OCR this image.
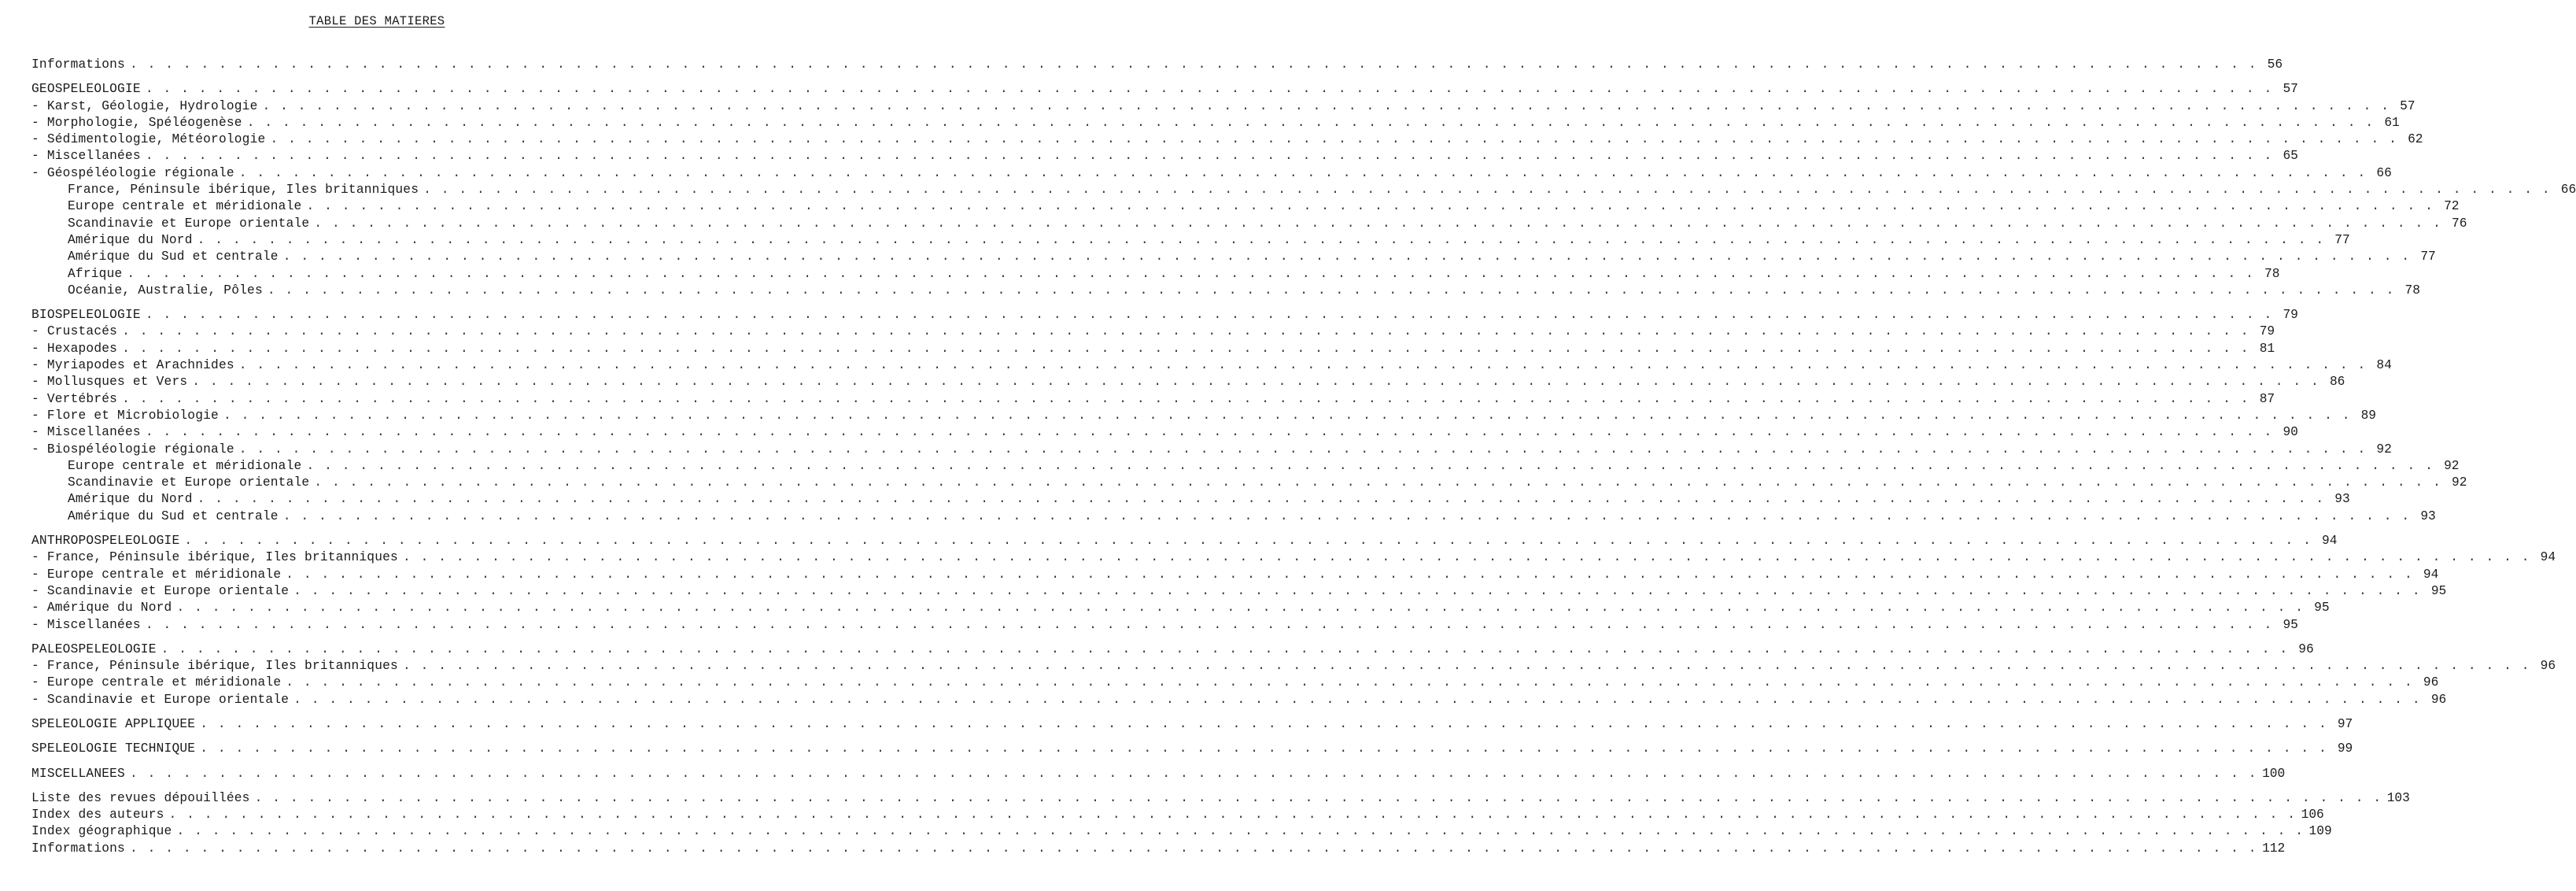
TABLE DES MATIERES
Informations . . . . . . . . . . . . . . . . . . . . . . . . . . . . . . . . . . . . . . . . . . . . . . . . . . . . . . . . . . . . . . . . . . . . . . . . . . . . . . . . . . . . . . . . . . . . . . . . . . . . . . . . . . . . . . . . . . . . . . . . 56
GEOSPELEOLOGIE . . . . . . . . . . . . . . . . . . . . . . . . . . . . . . . . . . . . . . . . . . . . . . . . . . . . . . . . . . . . . . . . . . . . . . . . . . . . . . . . . . . . . . . . . . . . . . . . . . . . . . . . . . . . . . . . . . . . . . . . 57
- Karst, Géologie, Hydrologie . . . . . . . . . . . . . . . . . . . . . . . . . . . . . . . . . . . . . . . . . . . . . . . . . . . . . . . . . . . . . . . . . . . . . . . . . . . . . . . . . . . . . . . . . . . . . . . . . . . . . . . . . . . . . . . . . . . . . . . . 57
- Morphologie, Spéléogenèse . . . . . . . . . . . . . . . . . . . . . . . . . . . . . . . . . . . . . . . . . . . . . . . . . . . . . . . . . . . . . . . . . . . . . . . . . . . . . . . . . . . . . . . . . . . . . . . . . . . . . . . . . . . . . . . . . . . . . . . . 61
- Sédimentologie, Météorologie . . . . . . . . . . . . . . . . . . . . . . . . . . . . . . . . . . . . . . . . . . . . . . . . . . . . . . . . . . . . . . . . . . . . . . . . . . . . . . . . . . . . . . . . . . . . . . . . . . . . . . . . . . . . . . . . . . . . . . . . 62
- Miscellanées . . . . . . . . . . . . . . . . . . . . . . . . . . . . . . . . . . . . . . . . . . . . . . . . . . . . . . . . . . . . . . . . . . . . . . . . . . . . . . . . . . . . . . . . . . . . . . . . . . . . . . . . . . . . . . . . . . . . . . . . 65
- Géospéléologie régionale . . . . . . . . . . . . . . . . . . . . . . . . . . . . . . . . . . . . . . . . . . . . . . . . . . . . . . . . . . . . . . . . . . . . . . . . . . . . . . . . . . . . . . . . . . . . . . . . . . . . . . . . . . . . . . . . . . . . . . . . 66
France, Péninsule ibérique, Iles britanniques . . . . . . . . . . . . . . . . . . . . . . . . . . . . . . . . . . . . . . . . . . . . . . . . . . . . . . . . . . . . . . . . . . . . . . . . . . . . . . . . . . . . . . . . . . . . . . . . . . . . . . . . . . . . . . . . . . . . . . . . 66
Europe centrale et méridionale . . . . . . . . . . . . . . . . . . . . . . . . . . . . . . . . . . . . . . . . . . . . . . . . . . . . . . . . . . . . . . . . . . . . . . . . . . . . . . . . . . . . . . . . . . . . . . . . . . . . . . . . . . . . . . . . . . . . . . . . 72
Scandinavie et Europe orientale . . . . . . . . . . . . . . . . . . . . . . . . . . . . . . . . . . . . . . . . . . . . . . . . . . . . . . . . . . . . . . . . . . . . . . . . . . . . . . . . . . . . . . . . . . . . . . . . . . . . . . . . . . . . . . . . . . . . . . . . 76
Amérique du Nord . . . . . . . . . . . . . . . . . . . . . . . . . . . . . . . . . . . . . . . . . . . . . . . . . . . . . . . . . . . . . . . . . . . . . . . . . . . . . . . . . . . . . . . . . . . . . . . . . . . . . . . . . . . . . . . . . . . . . . . . 77
Amérique du Sud et centrale . . . . . . . . . . . . . . . . . . . . . . . . . . . . . . . . . . . . . . . . . . . . . . . . . . . . . . . . . . . . . . . . . . . . . . . . . . . . . . . . . . . . . . . . . . . . . . . . . . . . . . . . . . . . . . . . . . . . . . . . 77
Afrique . . . . . . . . . . . . . . . . . . . . . . . . . . . . . . . . . . . . . . . . . . . . . . . . . . . . . . . . . . . . . . . . . . . . . . . . . . . . . . . . . . . . . . . . . . . . . . . . . . . . . . . . . . . . . . . . . . . . . . . . 78
Océanie, Australie, Pôles . . . . . . . . . . . . . . . . . . . . . . . . . . . . . . . . . . . . . . . . . . . . . . . . . . . . . . . . . . . . . . . . . . . . . . . . . . . . . . . . . . . . . . . . . . . . . . . . . . . . . . . . . . . . . . . . . . . . . . . . 78
BIOSPELEOLOGIE . . . . . . . . . . . . . . . . . . . . . . . . . . . . . . . . . . . . . . . . . . . . . . . . . . . . . . . . . . . . . . . . . . . . . . . . . . . . . . . . . . . . . . . . . . . . . . . . . . . . . . . . . . . . . . . . . . . . . . . . 79
- Crustacés . . . . . . . . . . . . . . . . . . . . . . . . . . . . . . . . . . . . . . . . . . . . . . . . . . . . . . . . . . . . . . . . . . . . . . . . . . . . . . . . . . . . . . . . . . . . . . . . . . . . . . . . . . . . . . . . . . . . . . . . 79
- Hexapodes . . . . . . . . . . . . . . . . . . . . . . . . . . . . . . . . . . . . . . . . . . . . . . . . . . . . . . . . . . . . . . . . . . . . . . . . . . . . . . . . . . . . . . . . . . . . . . . . . . . . . . . . . . . . . . . . . . . . . . . . 81
- Myriapodes et Arachnides . . . . . . . . . . . . . . . . . . . . . . . . . . . . . . . . . . . . . . . . . . . . . . . . . . . . . . . . . . . . . . . . . . . . . . . . . . . . . . . . . . . . . . . . . . . . . . . . . . . . . . . . . . . . . . . . . . . . . . . . 84
- Mollusques et Vers . . . . . . . . . . . . . . . . . . . . . . . . . . . . . . . . . . . . . . . . . . . . . . . . . . . . . . . . . . . . . . . . . . . . . . . . . . . . . . . . . . . . . . . . . . . . . . . . . . . . . . . . . . . . . . . . . . . . . . . . 86
- Vertébrés . . . . . . . . . . . . . . . . . . . . . . . . . . . . . . . . . . . . . . . . . . . . . . . . . . . . . . . . . . . . . . . . . . . . . . . . . . . . . . . . . . . . . . . . . . . . . . . . . . . . . . . . . . . . . . . . . . . . . . . . 87
- Flore et Microbiologie . . . . . . . . . . . . . . . . . . . . . . . . . . . . . . . . . . . . . . . . . . . . . . . . . . . . . . . . . . . . . . . . . . . . . . . . . . . . . . . . . . . . . . . . . . . . . . . . . . . . . . . . . . . . . . . . . . . . . . . . 89
- Miscellanées . . . . . . . . . . . . . . . . . . . . . . . . . . . . . . . . . . . . . . . . . . . . . . . . . . . . . . . . . . . . . . . . . . . . . . . . . . . . . . . . . . . . . . . . . . . . . . . . . . . . . . . . . . . . . . . . . . . . . . . . 90
- Biospéléologie régionale . . . . . . . . . . . . . . . . . . . . . . . . . . . . . . . . . . . . . . . . . . . . . . . . . . . . . . . . . . . . . . . . . . . . . . . . . . . . . . . . . . . . . . . . . . . . . . . . . . . . . . . . . . . . . . . . . . . . . . . . 92
Europe centrale et méridionale . . . . . . . . . . . . . . . . . . . . . . . . . . . . . . . . . . . . . . . . . . . . . . . . . . . . . . . . . . . . . . . . . . . . . . . . . . . . . . . . . . . . . . . . . . . . . . . . . . . . . . . . . . . . . . . . . . . . . . . . 92
Scandinavie et Europe orientale . . . . . . . . . . . . . . . . . . . . . . . . . . . . . . . . . . . . . . . . . . . . . . . . . . . . . . . . . . . . . . . . . . . . . . . . . . . . . . . . . . . . . . . . . . . . . . . . . . . . . . . . . . . . . . . . . . . . . . . . 92
Amérique du Nord . . . . . . . . . . . . . . . . . . . . . . . . . . . . . . . . . . . . . . . . . . . . . . . . . . . . . . . . . . . . . . . . . . . . . . . . . . . . . . . . . . . . . . . . . . . . . . . . . . . . . . . . . . . . . . . . . . . . . . . . 93
Amérique du Sud et centrale . . . . . . . . . . . . . . . . . . . . . . . . . . . . . . . . . . . . . . . . . . . . . . . . . . . . . . . . . . . . . . . . . . . . . . . . . . . . . . . . . . . . . . . . . . . . . . . . . . . . . . . . . . . . . . . . . . . . . . . . 93
ANTHROPOSPELEOLOGIE . . . . . . . . . . . . . . . . . . . . . . . . . . . . . . . . . . . . . . . . . . . . . . . . . . . . . . . . . . . . . . . . . . . . . . . . . . . . . . . . . . . . . . . . . . . . . . . . . . . . . . . . . . . . . . . . . . . . . . . . 94
- France, Péninsule ibérique, Iles britanniques . . . . . . . . . . . . . . . . . . . . . . . . . . . . . . . . . . . . . . . . . . . . . . . . . . . . . . . . . . . . . . . . . . . . . . . . . . . . . . . . . . . . . . . . . . . . . . . . . . . . . . . . . . . . . . . . . . . . . . . . 94
- Europe centrale et méridionale . . . . . . . . . . . . . . . . . . . . . . . . . . . . . . . . . . . . . . . . . . . . . . . . . . . . . . . . . . . . . . . . . . . . . . . . . . . . . . . . . . . . . . . . . . . . . . . . . . . . . . . . . . . . . . . . . . . . . . . . 94
- Scandinavie et Europe orientale . . . . . . . . . . . . . . . . . . . . . . . . . . . . . . . . . . . . . . . . . . . . . . . . . . . . . . . . . . . . . . . . . . . . . . . . . . . . . . . . . . . . . . . . . . . . . . . . . . . . . . . . . . . . . . . . . . . . . . . . 95
- Amérique du Nord . . . . . . . . . . . . . . . . . . . . . . . . . . . . . . . . . . . . . . . . . . . . . . . . . . . . . . . . . . . . . . . . . . . . . . . . . . . . . . . . . . . . . . . . . . . . . . . . . . . . . . . . . . . . . . . . . . . . . . . . 95
- Miscellanées . . . . . . . . . . . . . . . . . . . . . . . . . . . . . . . . . . . . . . . . . . . . . . . . . . . . . . . . . . . . . . . . . . . . . . . . . . . . . . . . . . . . . . . . . . . . . . . . . . . . . . . . . . . . . . . . . . . . . . . . 95
PALEOSPELEOLOGIE . . . . . . . . . . . . . . . . . . . . . . . . . . . . . . . . . . . . . . . . . . . . . . . . . . . . . . . . . . . . . . . . . . . . . . . . . . . . . . . . . . . . . . . . . . . . . . . . . . . . . . . . . . . . . . . . . . . . . . . . 96
- France, Péninsule ibérique, Iles britanniques . . . . . . . . . . . . . . . . . . . . . . . . . . . . . . . . . . . . . . . . . . . . . . . . . . . . . . . . . . . . . . . . . . . . . . . . . . . . . . . . . . . . . . . . . . . . . . . . . . . . . . . . . . . . . . . . . . . . . . . . 96
- Europe centrale et méridionale . . . . . . . . . . . . . . . . . . . . . . . . . . . . . . . . . . . . . . . . . . . . . . . . . . . . . . . . . . . . . . . . . . . . . . . . . . . . . . . . . . . . . . . . . . . . . . . . . . . . . . . . . . . . . . . . . . . . . . . . 96
- Scandinavie et Europe orientale . . . . . . . . . . . . . . . . . . . . . . . . . . . . . . . . . . . . . . . . . . . . . . . . . . . . . . . . . . . . . . . . . . . . . . . . . . . . . . . . . . . . . . . . . . . . . . . . . . . . . . . . . . . . . . . . . . . . . . . . 96
SPELEOLOGIE APPLIQUEE . . . . . . . . . . . . . . . . . . . . . . . . . . . . . . . . . . . . . . . . . . . . . . . . . . . . . . . . . . . . . . . . . . . . . . . . . . . . . . . . . . . . . . . . . . . . . . . . . . . . . . . . . . . . . . . . . . . . . . . . 97
SPELEOLOGIE TECHNIQUE . . . . . . . . . . . . . . . . . . . . . . . . . . . . . . . . . . . . . . . . . . . . . . . . . . . . . . . . . . . . . . . . . . . . . . . . . . . . . . . . . . . . . . . . . . . . . . . . . . . . . . . . . . . . . . . . . . . . . . . . 99
MISCELLANEES . . . . . . . . . . . . . . . . . . . . . . . . . . . . . . . . . . . . . . . . . . . . . . . . . . . . . . . . . . . . . . . . . . . . . . . . . . . . . . . . . . . . . . . . . . . . . . . . . . . . . . . . . . . . . . . . . . . . . . . . 100
Liste des revues dépouillées . . . . . . . . . . . . . . . . . . . . . . . . . . . . . . . . . . . . . . . . . . . . . . . . . . . . . . . . . . . . . . . . . . . . . . . . . . . . . . . . . . . . . . . . . . . . . . . . . . . . . . . . . . . . . . . . . . . . . . . . 103
Index des auteurs . . . . . . . . . . . . . . . . . . . . . . . . . . . . . . . . . . . . . . . . . . . . . . . . . . . . . . . . . . . . . . . . . . . . . . . . . . . . . . . . . . . . . . . . . . . . . . . . . . . . . . . . . . . . . . . . . . . . . . . . 106
Index géographique . . . . . . . . . . . . . . . . . . . . . . . . . . . . . . . . . . . . . . . . . . . . . . . . . . . . . . . . . . . . . . . . . . . . . . . . . . . . . . . . . . . . . . . . . . . . . . . . . . . . . . . . . . . . . . . . . . . . . . . . 109
Informations . . . . . . . . . . . . . . . . . . . . . . . . . . . . . . . . . . . . . . . . . . . . . . . . . . . . . . . . . . . . . . . . . . . . . . . . . . . . . . . . . . . . . . . . . . . . . . . . . . . . . . . . . . . . . . . . . . . . . . . . 112
